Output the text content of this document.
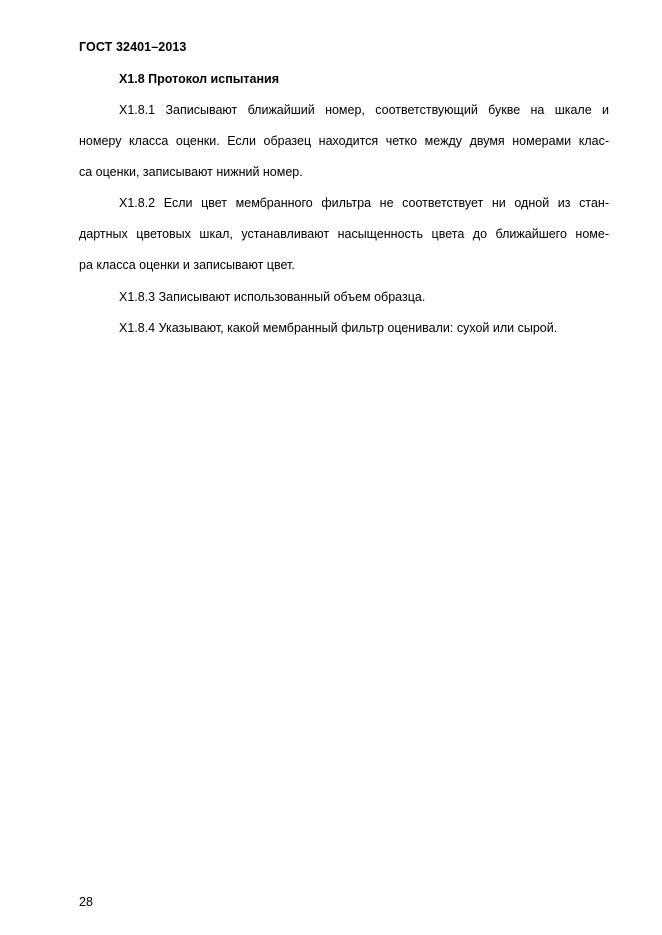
ГОСТ 32401–2013

Х1.8 Протокол испытания

Х1.8.1 Записывают ближайший номер, соответствующий букве на шкале и
номеру класса оценки. Если образец находится четко между двумя номерами клас-
са оценки, записывают нижний номер.
Х1.8.2 Если цвет мембранного фильтра не соответствует ни одной из стан-
дартных цветовых шкал, устанавливают насыщенность цвета до ближайшего номе-
ра класса оценки и записывают цвет.
Х1.8.3 Записывают использованный объем образца.
Х1.8.4 Указывают, какой мембранный фильтр оценивали: сухой или сырой.

28
